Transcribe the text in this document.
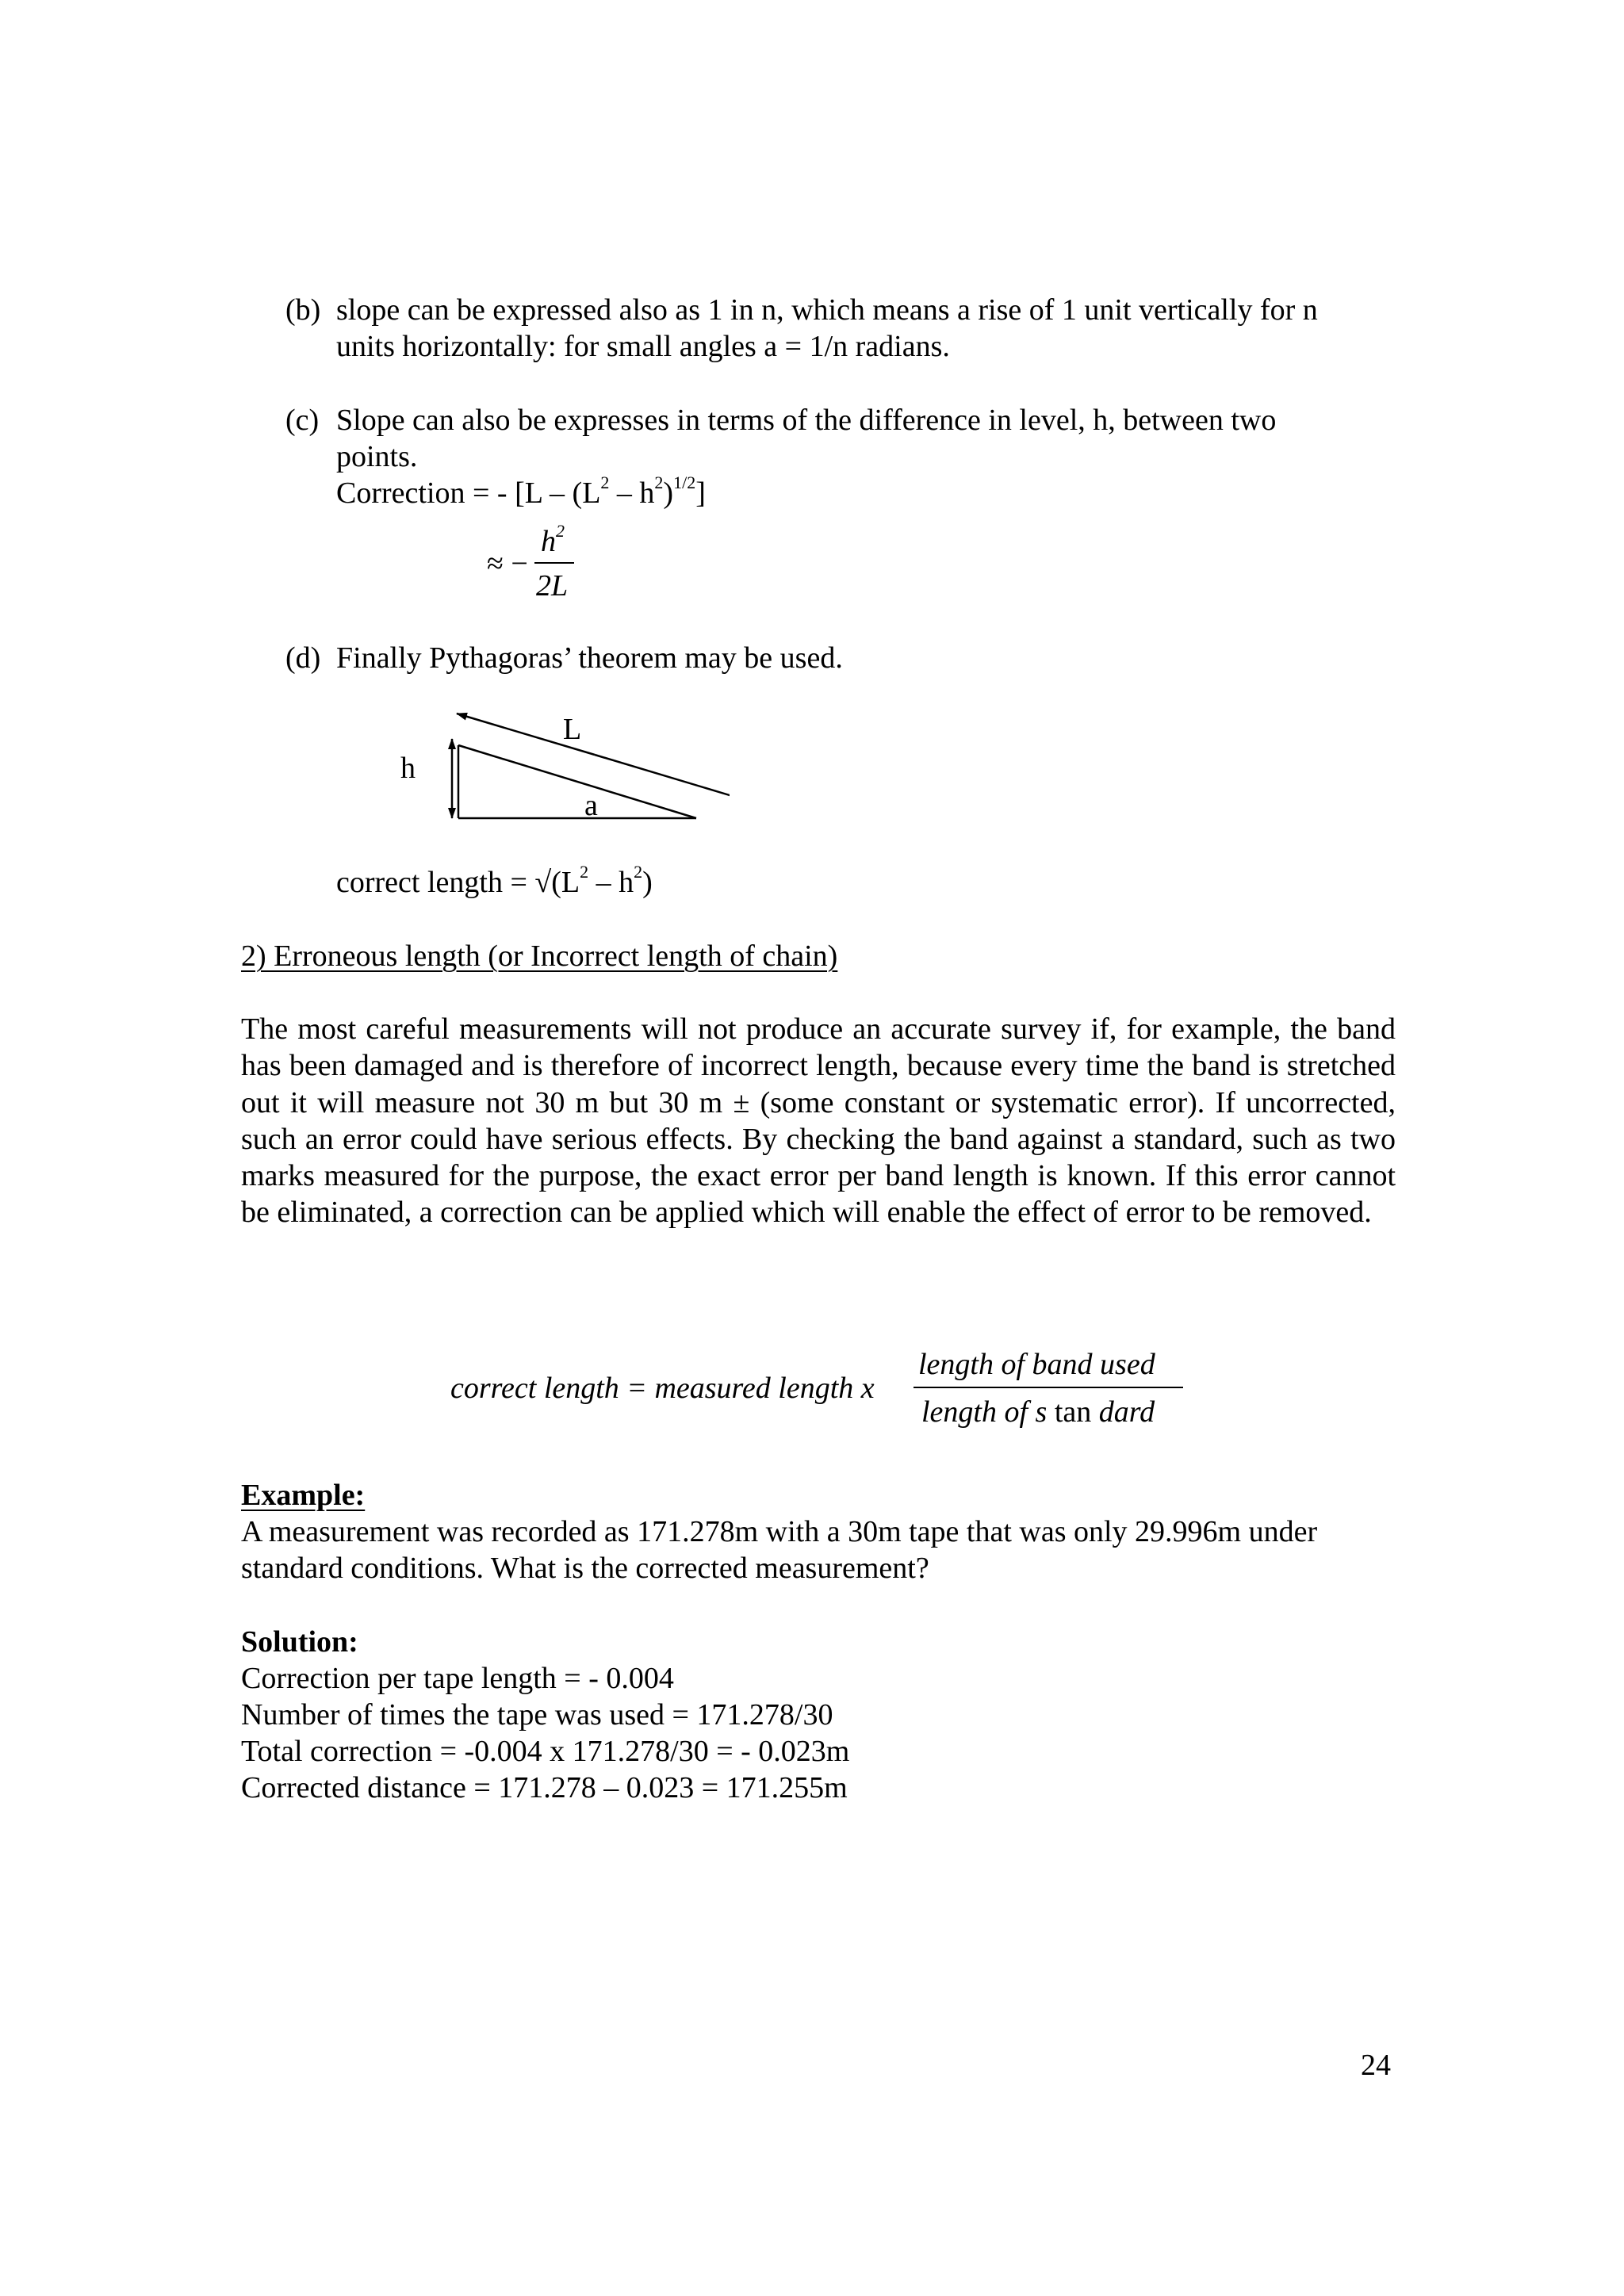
(b) slope can be expressed also as 1 in n, which means a rise of 1 unit vertically for n
units horizontally: for small angles a = 1/n radians.
(c) Slope can also be expresses in terms of the difference in level, h, between two
points.
Correction = - $[L - (L^2 - h^2)^{1/2}]$
≈ −
$h^2$
2L
(d) Finally Pythagoras’ theorem may be used.
L
h
a
correct length = $√(L^2 - h^2)$
2) Erroneous length (or Incorrect length of chain)
The most careful measurements will not produce an accurate survey if, for example, the band has been damaged and is therefore of incorrect length, because every time the band is stretched out it will measure not 30 m but 30 m ± (some constant or systematic error). If uncorrected, such an error could have serious effects. By checking the band against a standard, such as two marks measured for the purpose, the exact error per band length is known. If this error cannot be eliminated, a correction can be applied which will enable the effect of error to be removed.
correct length = measured length x
length of band used
length of s tan dard
Example:
A measurement was recorded as 171.278m with a 30m tape that was only 29.996m under
standard conditions. What is the corrected measurement?
Solution:
Correction per tape length = - 0.004
Number of times the tape was used = 171.278/30
Total correction = -0.004 x 171.278/30 = - 0.023m
Corrected distance = 171.278 – 0.023 = 171.255m
24
